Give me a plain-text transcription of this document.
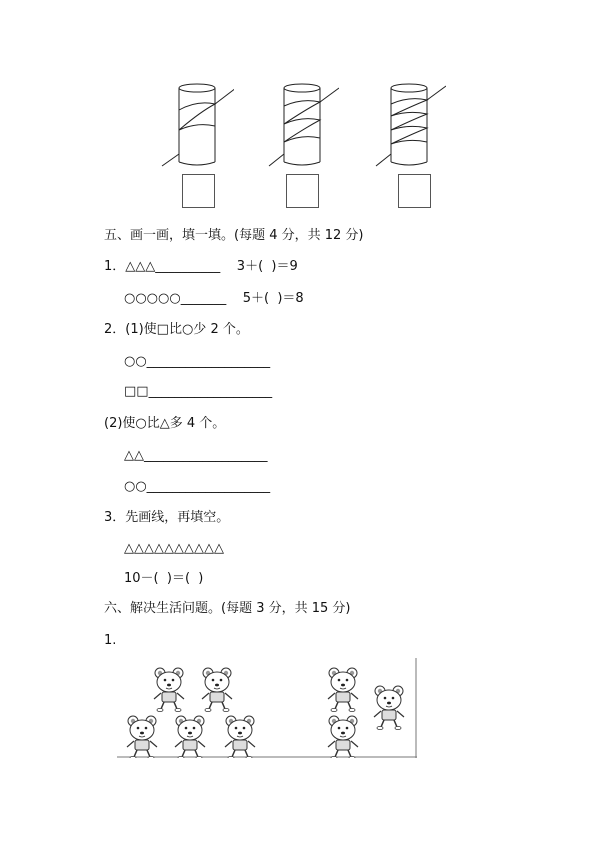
五、画一画，填一填。(每题 4 分，共 12 分)
1．△△△__________    3＋(  )＝9
○○○○○_______    5＋(  )＝8
2．(1)使□比○少 2 个。
○○___________________
□□___________________
(2)使○比△多 4 个。
△△___________________
○○___________________
3．先画线，再填空。
△△△△△△△△△△
10－(  )＝(  )
六、解决生活问题。(每题 3 分，共 15 分)
1.
